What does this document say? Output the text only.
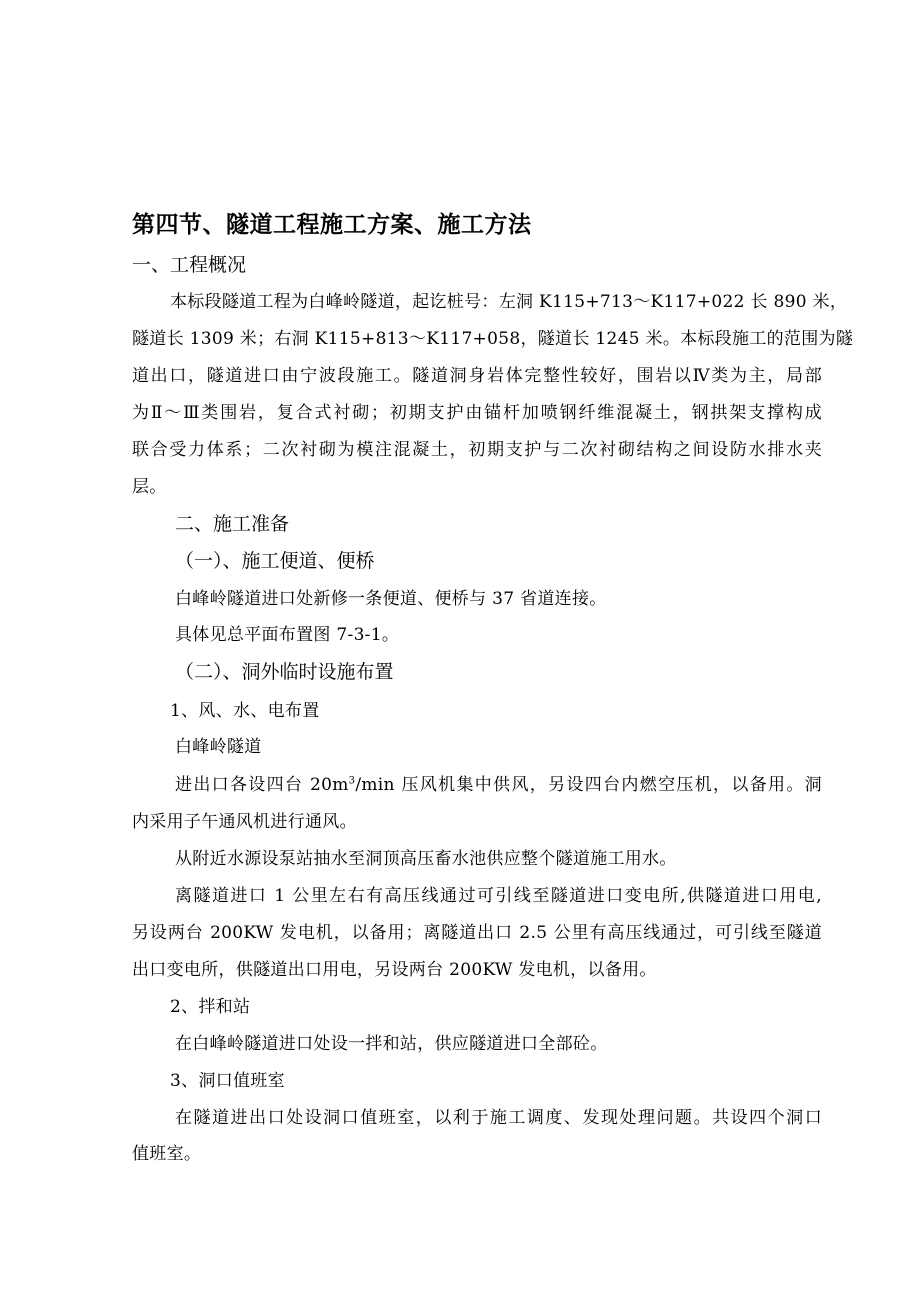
第四节、隧道工程施工方案、施工方法
一、工程概况
本标段隧道工程为白峰岭隧道，起讫桩号：左洞 K115+713～K117+022 长 890 米，
隧道长 1309 米；右洞 K115+813～K117+058，隧道长 1245 米。本标段施工的范围为隧
道出口，隧道进口由宁波段施工。隧道洞身岩体完整性较好，围岩以Ⅳ类为主，局部
为Ⅱ～Ⅲ类围岩，复合式衬砌；初期支护由锚杆加喷钢纤维混凝土，钢拱架支撑构成
联合受力体系；二次衬砌为模注混凝土，初期支护与二次衬砌结构之间设防水排水夹
层。
二、施工准备
（一）、施工便道、便桥
白峰岭隧道进口处新修一条便道、便桥与 37 省道连接。
具体见总平面布置图 7-3-1。
（二）、洞外临时设施布置
1、风、水、电布置
白峰岭隧道
进出口各设四台 $20m^3/\min$ 压风机集中供风，另设四台内燃空压机，以备用。洞
内采用子午通风机进行通风。
从附近水源设泵站抽水至洞顶高压畜水池供应整个隧道施工用水。
离隧道进口 1 公里左右有高压线通过可引线至隧道进口变电所,供隧道进口用电,
另设两台 200KW 发电机，以备用；离隧道出口 2.5 公里有高压线通过，可引线至隧道
出口变电所，供隧道出口用电，另设两台 200KW 发电机，以备用。
2、拌和站
在白峰岭隧道进口处设一拌和站，供应隧道进口全部砼。
3、洞口值班室
在隧道进出口处设洞口值班室，以利于施工调度、发现处理问题。共设四个洞口
值班室。
